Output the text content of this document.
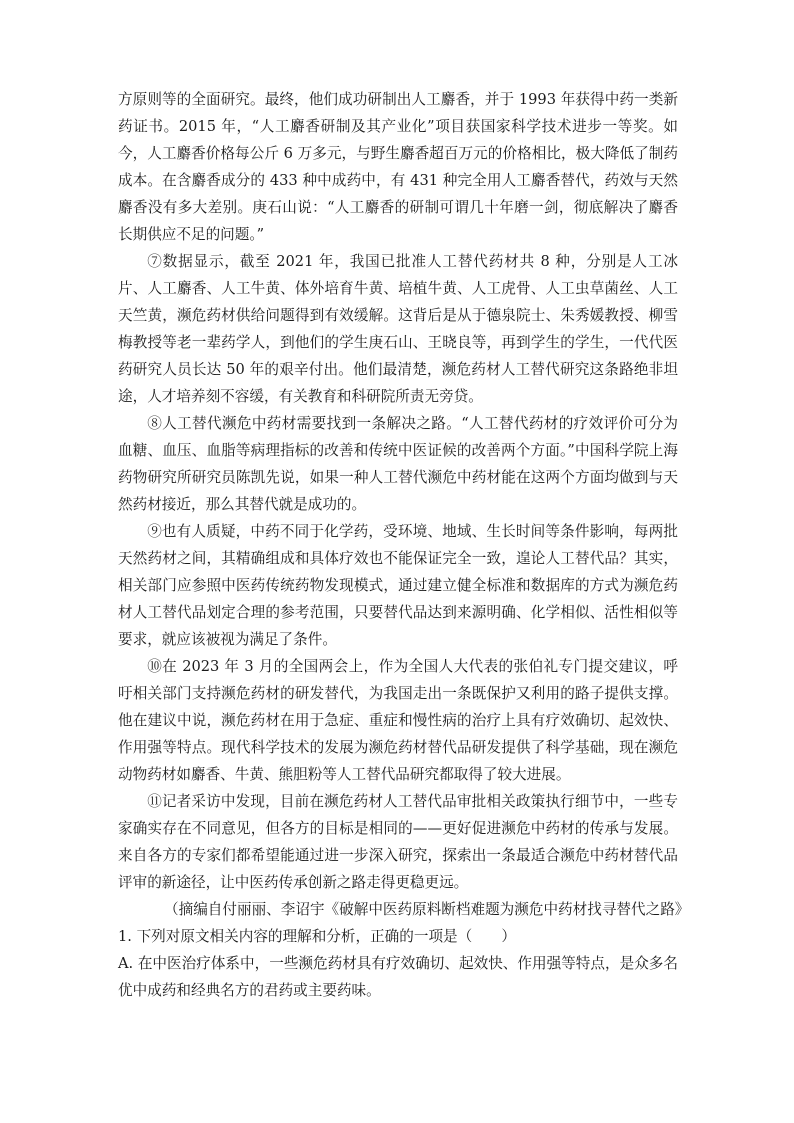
方原则等的全面研究。最终，他们成功研制出人工麝香，并于 1993 年获得中药一类新药证书。2015 年，“人工麝香研制及其产业化”项目获国家科学技术进步一等奖。如今，人工麝香价格每公斤 6 万多元，与野生麝香超百万元的价格相比，极大降低了制药成本。在含麝香成分的 433 种中成药中，有 431 种完全用人工麝香替代，药效与天然麝香没有多大差别。庚石山说：“人工麝香的研制可谓几十年磨一剑，彻底解决了麝香长期供应不足的问题。”

⑦数据显示，截至 2021 年，我国已批准人工替代药材共 8 种，分别是人工冰片、人工麝香、人工牛黄、体外培育牛黄、培植牛黄、人工虎骨、人工虫草菌丝、人工天竺黄，濒危药材供给问题得到有效缓解。这背后是从于德泉院士、朱秀媛教授、柳雪梅教授等老一辈药学人，到他们的学生庚石山、王晓良等，再到学生的学生，一代代医药研究人员长达 50 年的艰辛付出。他们最清楚，濒危药材人工替代研究这条路绝非坦途，人才培养刻不容缓，有关教育和科研院所责无旁贷。

⑧人工替代濒危中药材需要找到一条解决之路。“人工替代药材的疗效评价可分为血糖、血压、血脂等病理指标的改善和传统中医证候的改善两个方面。”中国科学院上海药物研究所研究员陈凯先说，如果一种人工替代濒危中药材能在这两个方面均做到与天然药材接近，那么其替代就是成功的。

⑨也有人质疑，中药不同于化学药，受环境、地域、生长时间等条件影响，每两批天然药材之间，其精确组成和具体疗效也不能保证完全一致，遑论人工替代品？其实，相关部门应参照中医药传统药物发现模式，通过建立健全标准和数据库的方式为濒危药材人工替代品划定合理的参考范围，只要替代品达到来源明确、化学相似、活性相似等要求，就应该被视为满足了条件。

⑩在 2023 年 3 月的全国两会上，作为全国人大代表的张伯礼专门提交建议，呼吁相关部门支持濒危药材的研发替代，为我国走出一条既保护又利用的路子提供支撑。他在建议中说，濒危药材在用于急症、重症和慢性病的治疗上具有疗效确切、起效快、作用强等特点。现代科学技术的发展为濒危药材替代品研发提供了科学基础，现在濒危动物药材如麝香、牛黄、熊胆粉等人工替代品研究都取得了较大进展。

⑪记者采访中发现，目前在濒危药材人工替代品审批相关政策执行细节中，一些专家确实存在不同意见，但各方的目标是相同的——更好促进濒危中药材的传承与发展。来自各方的专家们都希望能通过进一步深入研究，探索出一条最适合濒危中药材替代品评审的新途径，让中医药传承创新之路走得更稳更远。

（摘编自付丽丽、李诏宇《破解中医药原料断档难题为濒危中药材找寻替代之路》

1. 下列对原文相关内容的理解和分析，正确的一项是（　　）

A. 在中医治疗体系中，一些濒危药材具有疗效确切、起效快、作用强等特点，是众多名优中成药和经典名方的君药或主要药味。
